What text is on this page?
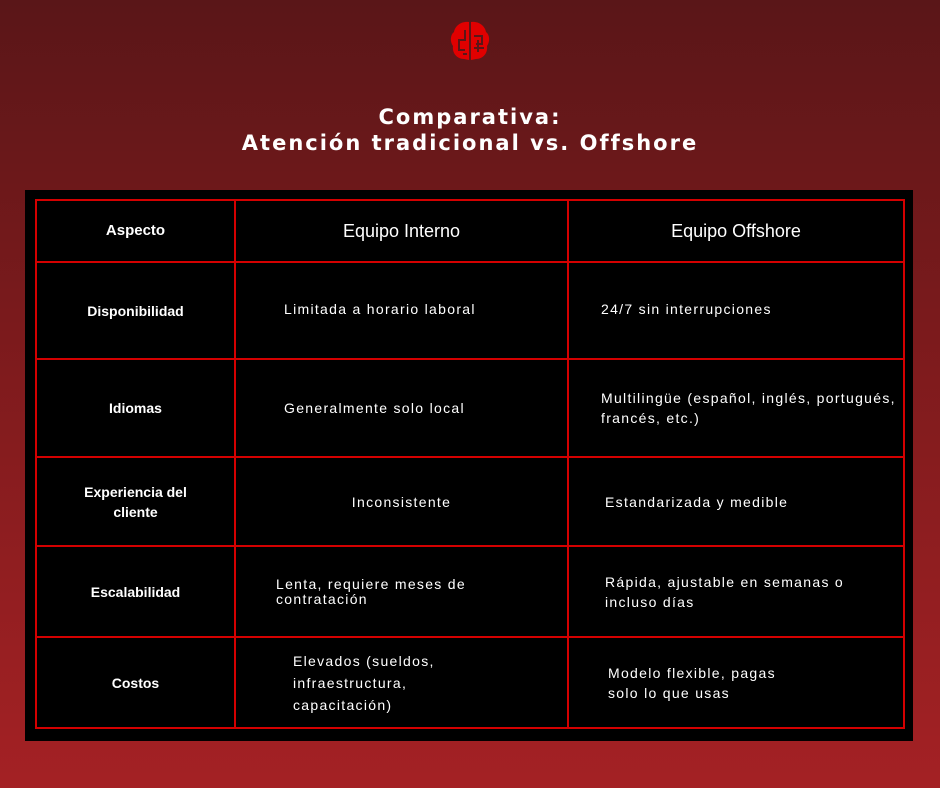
Comparativa:
Atención tradicional vs. Offshore
Aspecto	Equipo Interno	Equipo Offshore
Disponibilidad	Limitada a horario laboral	24/7 sin interrupciones
Idiomas	Generalmente solo local	Multilingüe (español, inglés, portugués, francés, etc.)
Experiencia del cliente	Inconsistente	Estandarizada y medible
Escalabilidad	Lenta, requiere meses de contratación	Rápida, ajustable en semanas o incluso días
Costos	Elevados (sueldos, infraestructura, capacitación)	Modelo flexible, pagas solo lo que usas
